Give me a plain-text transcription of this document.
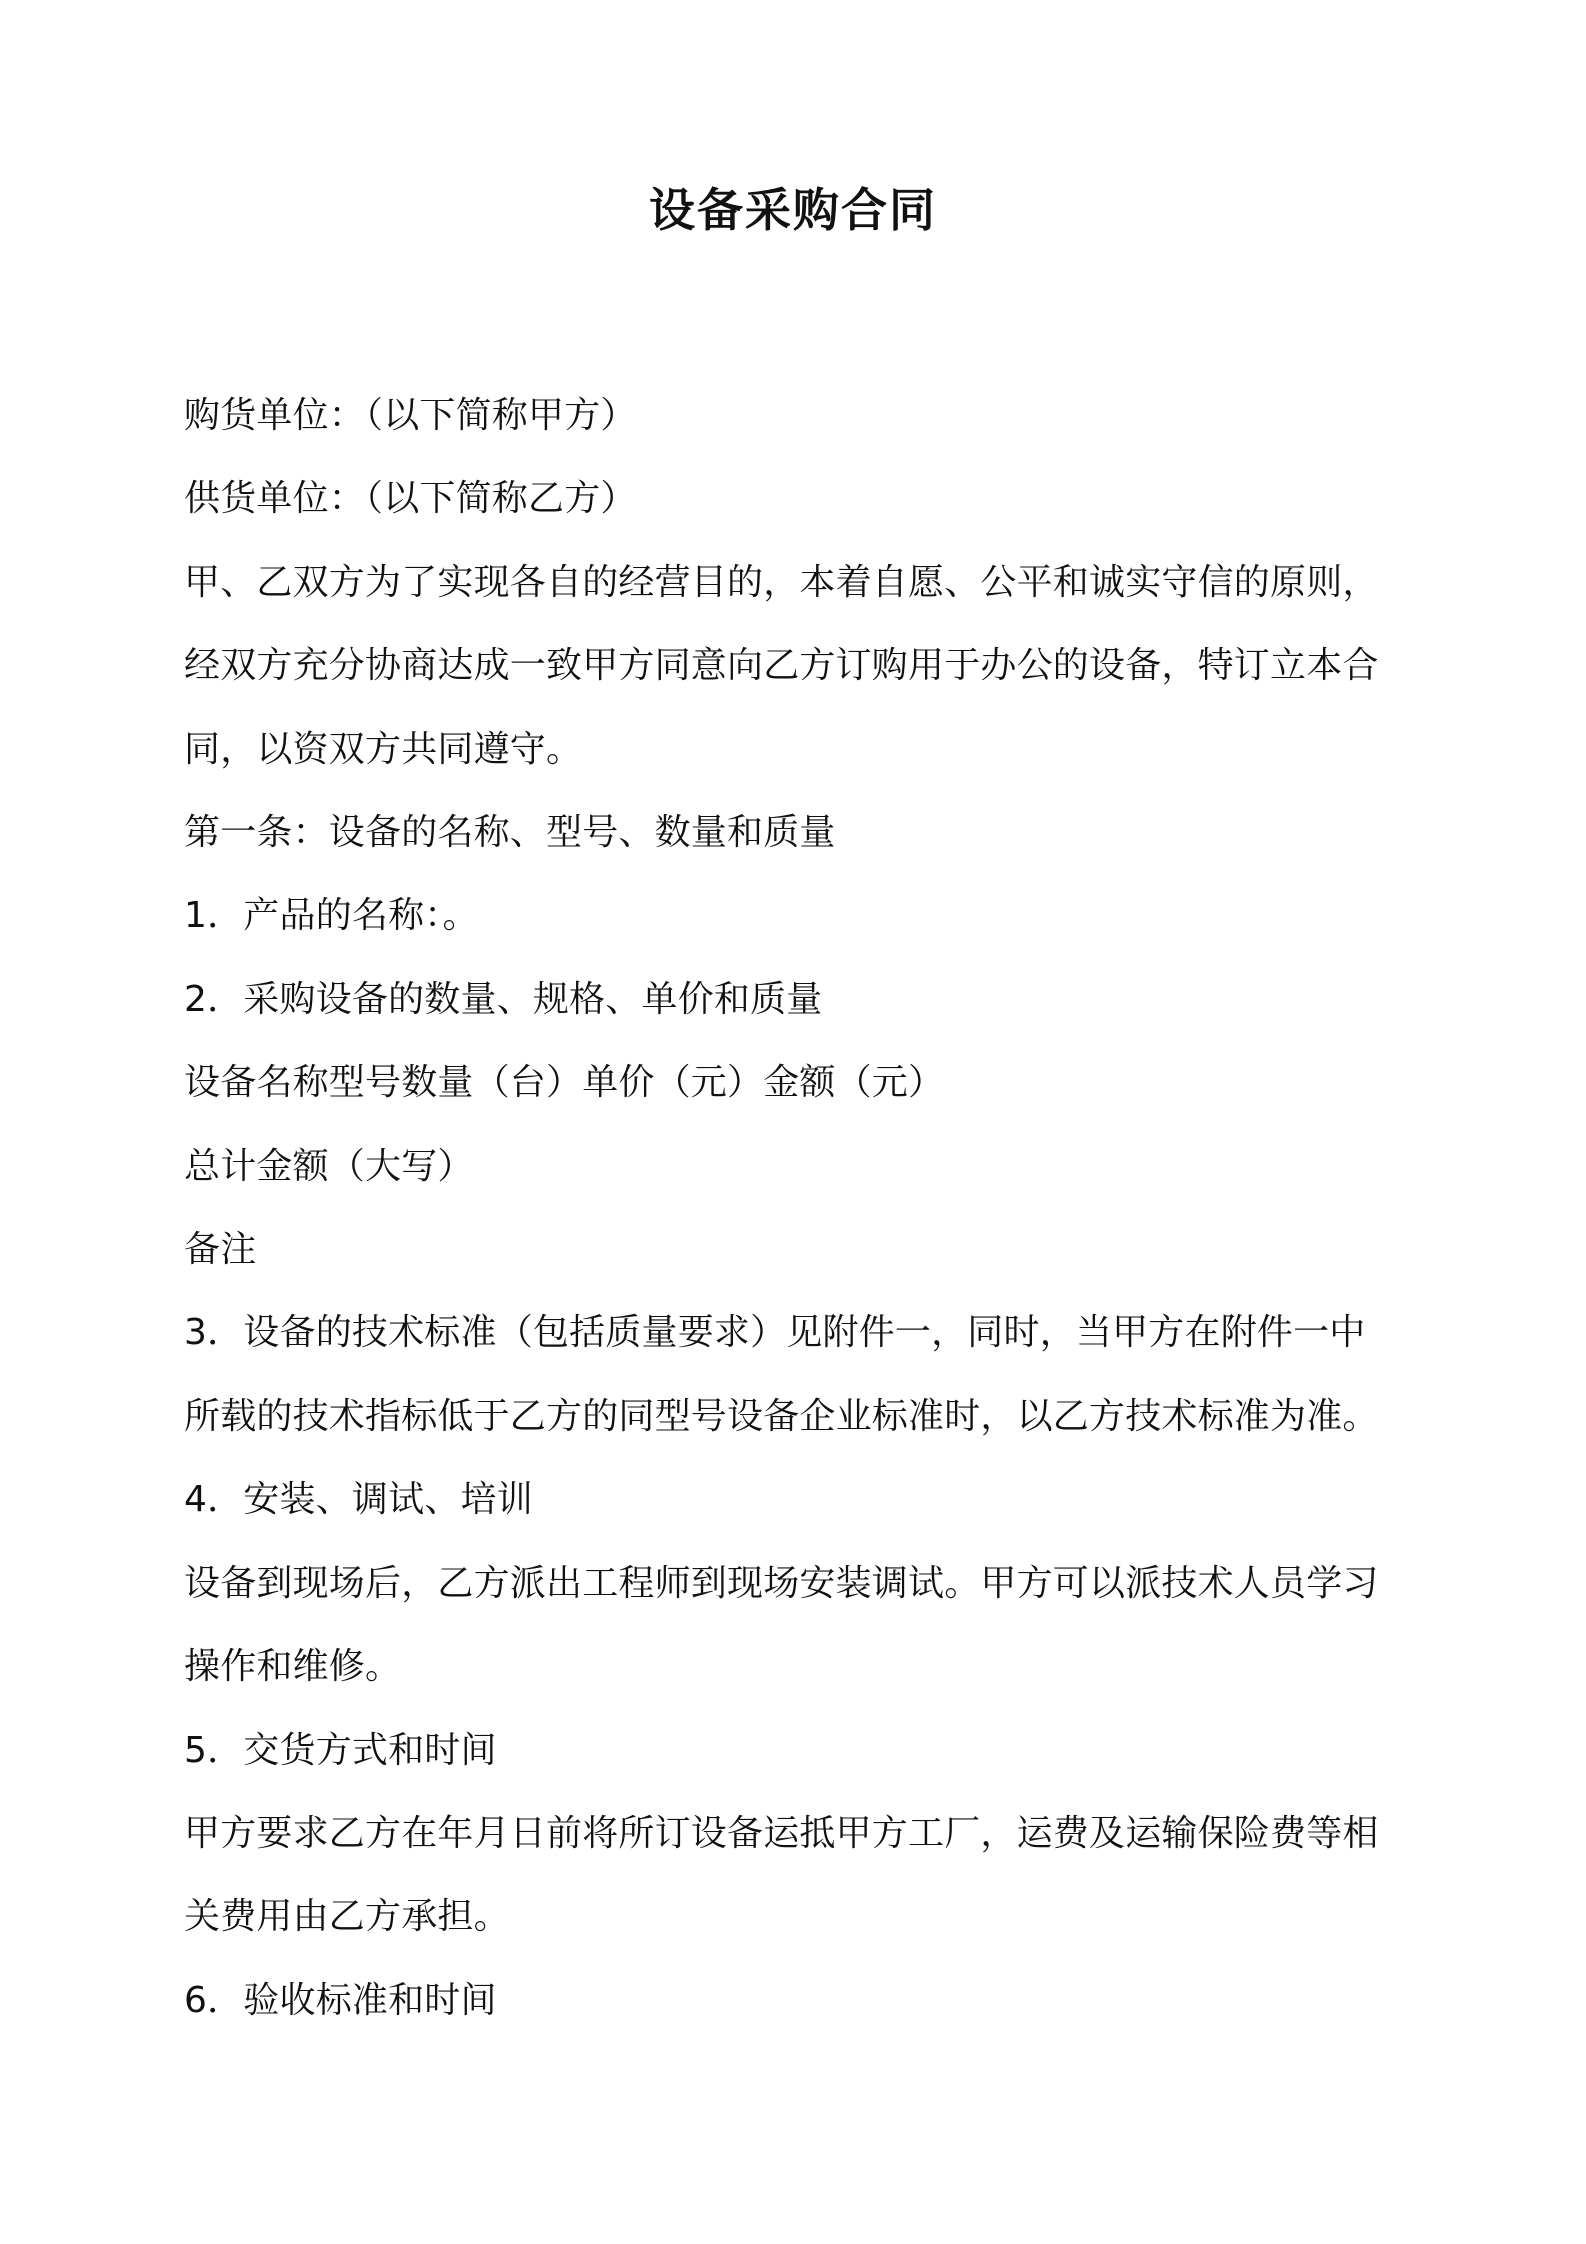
设备采购合同
购货单位：（以下简称甲方）
供货单位：（以下简称乙方）
甲、乙双方为了实现各自的经营目的，本着自愿、公平和诚实守信的原则，
经双方充分协商达成一致甲方同意向乙方订购用于办公的设备，特订立本合
同，以资双方共同遵守。
第一条：设备的名称、型号、数量和质量
1．产品的名称：。
2．采购设备的数量、规格、单价和质量
设备名称型号数量（台）单价（元）金额（元）
总计金额（大写）
备注
3．设备的技术标准（包括质量要求）见附件一，同时，当甲方在附件一中
所载的技术指标低于乙方的同型号设备企业标准时，以乙方技术标准为准。
4．安装、调试、培训
设备到现场后，乙方派出工程师到现场安装调试。甲方可以派技术人员学习
操作和维修。
5．交货方式和时间
甲方要求乙方在年月日前将所订设备运抵甲方工厂，运费及运输保险费等相
关费用由乙方承担。
6．验收标准和时间
